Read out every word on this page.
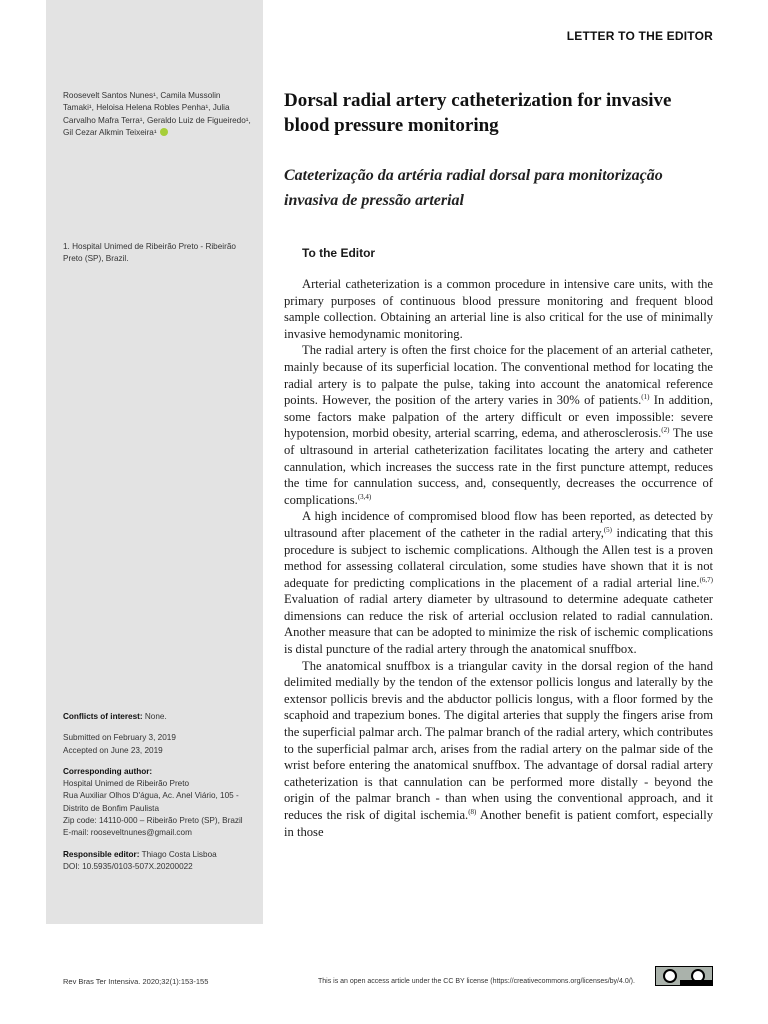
LETTER TO THE EDITOR
Roosevelt Santos Nunes¹, Camila Mussolin Tamaki¹, Heloisa Helena Robles Penha¹, Julia Carvalho Mafra Terra¹, Geraldo Luiz de Figueiredo¹, Gil Cezar Alkmin Teixeira¹
1. Hospital Unimed de Ribeirão Preto - Ribeirão Preto (SP), Brazil.

Conflicts of interest: None.

Submitted on February 3, 2019
Accepted on June 23, 2019

Corresponding author:
Hospital Unimed de Ribeirão Preto
Rua Auxiliar Olhos D'água, Ac. Anel Viário, 105 -
Distrito de Bonfim Paulista
Zip code: 14110-000 – Ribeirão Preto (SP), Brazil
E-mail: roosevelt​nunes@gmail.com

Responsible editor: Thiago Costa Lisboa
DOI: 10.5935/0103-507X.20200022

Dorsal radial artery catheterization for invasive blood pressure monitoring
Cateterização da artéria radial dorsal para monitorização invasiva de pressão arterial
To the Editor

Arterial catheterization is a common procedure in intensive care units, with the primary purposes of continuous blood pressure monitoring and frequent blood sample collection. Obtaining an arterial line is also critical for the use of minimally invasive hemodynamic monitoring.

The radial artery is often the first choice for the placement of an arterial catheter, mainly because of its superficial location. The conventional method for locating the radial artery is to palpate the pulse, taking into account the anatomical reference points. However, the position of the artery varies in 30% of patients.$^{(1)}$ In addition, some factors make palpation of the artery difficult or even impossible: severe hypotension, morbid obesity, arterial scarring, edema, and atherosclerosis.$^{(2)}$ The use of ultrasound in arterial catheterization facilitates locating the artery and catheter cannulation, which increases the success rate in the first puncture attempt, reduces the time for cannulation success, and, consequently, decreases the occurrence of complications.$^{(3,4)}$

A high incidence of compromised blood flow has been reported, as detected by ultrasound after placement of the catheter in the radial artery,$^{(5)}$ indicating that this procedure is subject to ischemic complications. Although the Allen test is a proven method for assessing collateral circulation, some studies have shown that it is not adequate for predicting complications in the placement of a radial arterial line.$^{(6,7)}$ Evaluation of radial artery diameter by ultrasound to determine adequate catheter dimensions can reduce the risk of arterial occlusion related to radial cannulation. Another measure that can be adopted to minimize the risk of ischemic complications is distal puncture of the radial artery through the anatomical snuffbox.

The anatomical snuffbox is a triangular cavity in the dorsal region of the hand delimited medially by the tendon of the extensor pollicis longus and laterally by the extensor pollicis brevis and the abductor pollicis longus, with a floor formed by the scaphoid and trapezium bones. The digital arteries that supply the fingers arise from the superficial palmar arch. The palmar branch of the radial artery, which contributes to the superficial palmar arch, arises from the radial artery on the palmar side of the wrist before entering the anatomical snuffbox. The advantage of dorsal radial artery catheterization is that cannulation can be performed more distally - beyond the origin of the palmar branch - than when using the conventional approach, and it reduces the risk of digital ischemia.$^{(8)}$ Another benefit is patient comfort, especially in those

Rev Bras Ter Intensiva. 2020;32(1):153-155	This is an open access article under the CC BY license (https://creativecommons.org/licenses/by/4.0/).
